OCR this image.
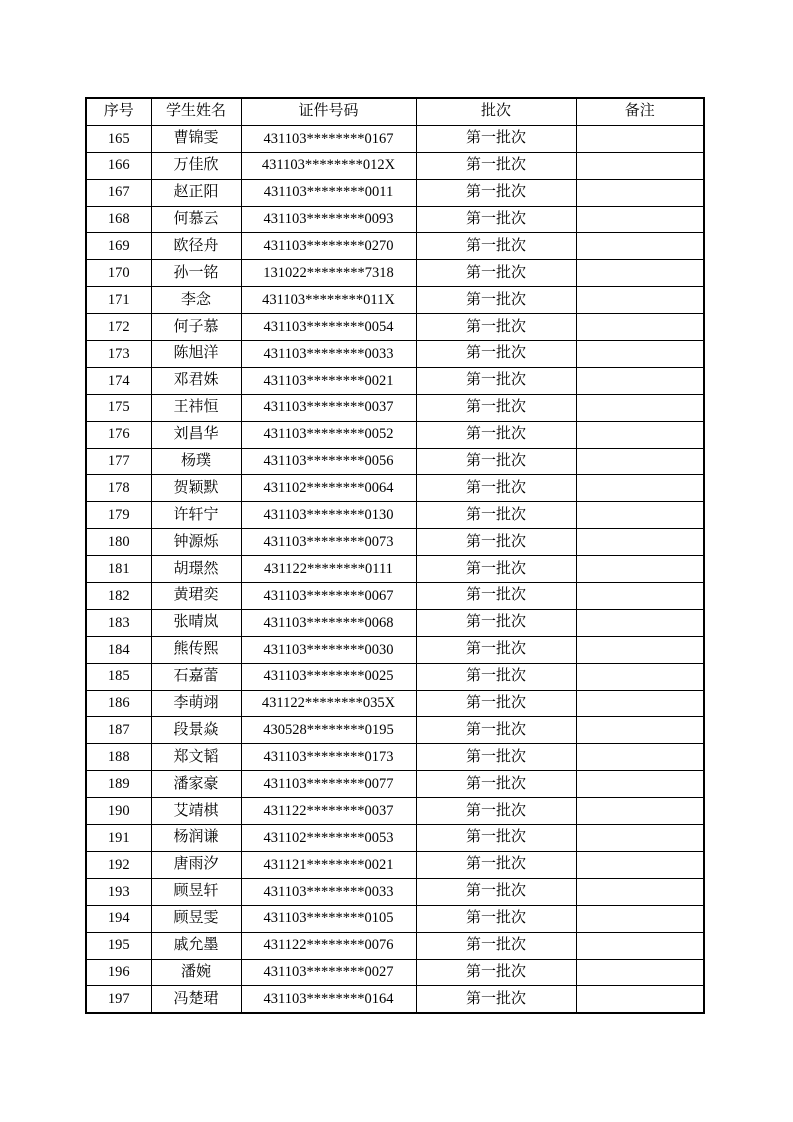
序号	学生姓名	证件号码	批次	备注
165	曹锦雯	431103********0167	第一批次	
166	万佳欣	431103********012X	第一批次	
167	赵正阳	431103********0011	第一批次	
168	何慕云	431103********0093	第一批次	
169	欧径舟	431103********0270	第一批次	
170	孙一铭	131022********7318	第一批次	
171	李念	431103********011X	第一批次	
172	何子慕	431103********0054	第一批次	
173	陈旭洋	431103********0033	第一批次	
174	邓君姝	431103********0021	第一批次	
175	王祎恒	431103********0037	第一批次	
176	刘昌华	431103********0052	第一批次	
177	杨璞	431103********0056	第一批次	
178	贺颖默	431102********0064	第一批次	
179	许轩宁	431103********0130	第一批次	
180	钟源烁	431103********0073	第一批次	
181	胡璟然	431122********0111	第一批次	
182	黄珺奕	431103********0067	第一批次	
183	张晴岚	431103********0068	第一批次	
184	熊传熙	431103********0030	第一批次	
185	石嘉蕾	431103********0025	第一批次	
186	李萌翊	431122********035X	第一批次	
187	段景焱	430528********0195	第一批次	
188	郑文韬	431103********0173	第一批次	
189	潘家豪	431103********0077	第一批次	
190	艾靖棋	431122********0037	第一批次	
191	杨润谦	431102********0053	第一批次	
192	唐雨汐	431121********0021	第一批次	
193	顾昱轩	431103********0033	第一批次	
194	顾昱雯	431103********0105	第一批次	
195	戚允墨	431122********0076	第一批次	
196	潘婉	431103********0027	第一批次	
197	冯楚珺	431103********0164	第一批次	
